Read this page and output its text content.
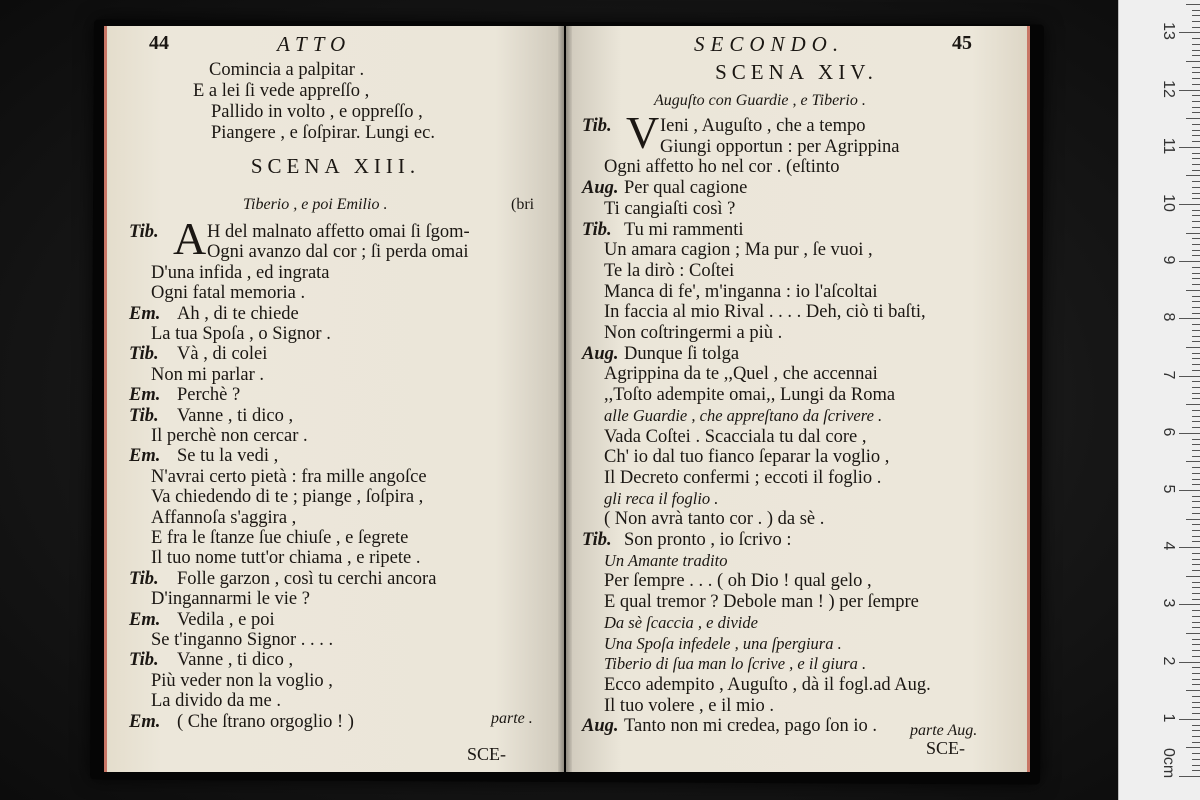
44	ATTO
Comincia a palpitar .
E a lei ſi vede appreſſo ,
Pallido in volto , e oppreſſo ,
Piangere , e ſoſpirar. Lungi ec.
SCENA XIII.
Tiberio , e poi Emilio .	(bri
Tib. A H del malnato affetto omai ſi ſgom-
Ogni avanzo dal cor ; ſi perda omai
D'una infida , ed ingrata
Ogni fatal memoria .
Em. Ah , di te chiede
La tua Spoſa , o Signor .
Tib. Và , di colei
Non mi parlar .
Em. Perchè ?
Tib. Vanne , ti dico ,
Il perchè non cercar .
Em. Se tu la vedi ,
N'avrai certo pietà : fra mille angoſce
Va chiedendo di te ; piange , ſoſpira ,
Affannoſa s'aggira ,
E fra le ſtanze ſue chiuſe , e ſegrete
Il tuo nome tutt'or chiama , e ripete .
Tib. Folle garzon , così tu cerchi ancora
D'ingannarmi le vie ?
Em. Vedila , e poi
Se t'inganno Signor . . . .
Tib. Vanne , ti dico ,
Più veder non la voglio ,
La divido da me .
Em. ( Che ſtrano orgoglio ! )	parte .
SCE-
SECONDO.	45
SCENA XIV.
Auguſto con Guardie , e Tiberio .
Tib. V Ieni , Auguſto , che a tempo
Giungi opportun : per Agrippina
Ogni affetto ho nel cor . (eſtinto
Aug. Per qual cagione
Ti cangiaſti così ?
Tib. Tu mi rammenti
Un amara cagion ; Ma pur , ſe vuoi ,
Te la dirò : Coſtei
Manca di fe', m'inganna : io l'aſcoltai
In faccia al mio Rival . . . . Deh, ciò ti baſti,
Non coſtringermi a più .
Aug. Dunque ſi tolga
Agrippina da te ,,Quel , che accennai
,,Toſto adempite omai,, Lungi da Roma
alle Guardie , che appreſtano da ſcrivere .
Vada Coſtei . Scacciala tu dal core ,
Ch' io dal tuo fianco ſeparar la voglio ,
Il Decreto confermi ; eccoti il foglio .
gli reca il foglio .
( Non avrà tanto cor . ) da sè .
Tib. Son pronto , io ſcrivo :
Un Amante tradito
Per ſempre . . . ( oh Dio ! qual gelo ,
E qual tremor ? Debole man ! ) per ſempre
Da sè ſcaccia , e divide
Una Spoſa infedele , una ſpergiura .
Tiberio di ſua man lo ſcrive , e il giura .
Ecco adempito , Auguſto , dà il fogl.ad Aug.
Il tuo volere , e il mio .
Aug. Tanto non mi credea, pago ſon io . parte Aug.
SCE-	0cm
1
2
3
4
5
6
7
8
9
10
11
12
13
